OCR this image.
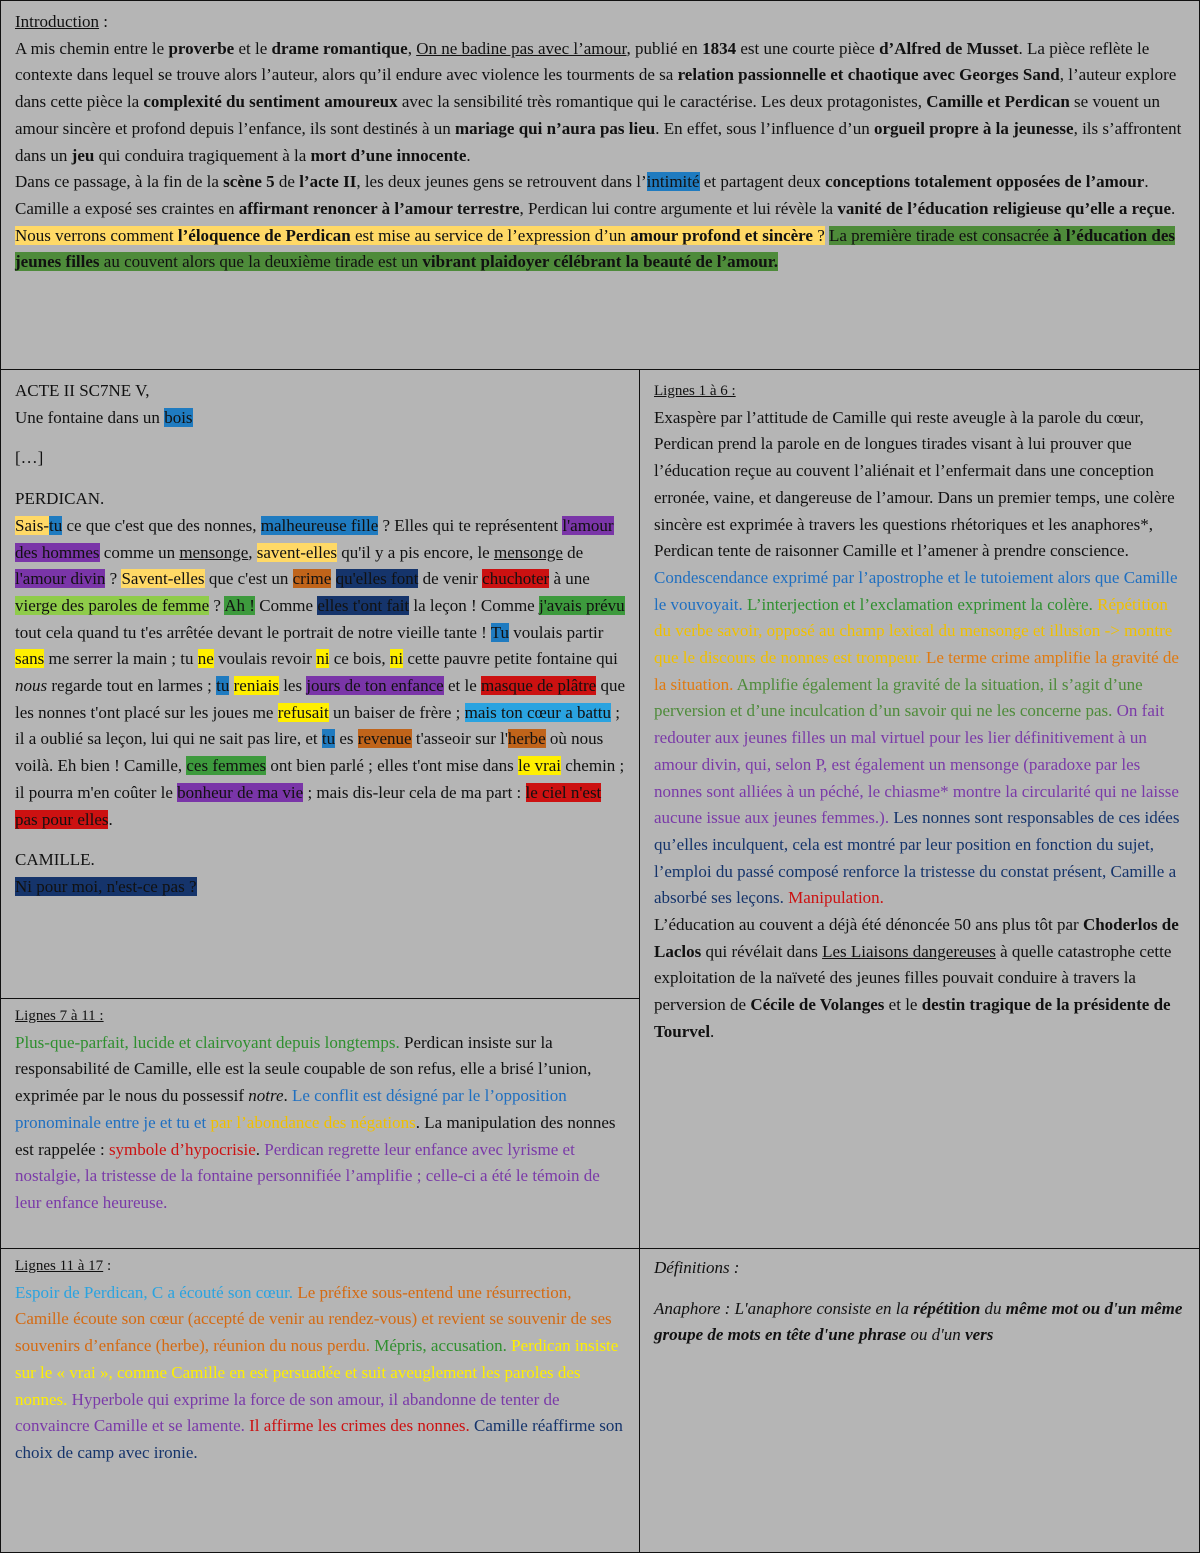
Introduction :
A mis chemin entre le proverbe et le drame romantique, On ne badine pas avec l’amour, publié en 1834 est une courte pièce d’Alfred de Musset. La pièce reflète le contexte dans lequel se trouve alors l’auteur, alors qu’il endure avec violence les tourments de sa relation passionnelle et chaotique avec Georges Sand, l’auteur explore dans cette pièce la complexité du sentiment amoureux avec la sensibilité très romantique qui le caractérise. Les deux protagonistes, Camille et Perdican se vouent un amour sincère et profond depuis l’enfance, ils sont destinés à un mariage qui n’aura pas lieu. En effet, sous l’influence d’un orgueil propre à la jeunesse, ils s’affrontent dans un jeu qui conduira tragiquement à la mort d’une innocente.
Dans ce passage, à la fin de la scène 5 de l’acte II, les deux jeunes gens se retrouvent dans l’intimité et partagent deux conceptions totalement opposées de l’amour. Camille a exposé ses craintes en affirmant renoncer à l’amour terrestre, Perdican lui contre argumente et lui révèle la vanité de l’éducation religieuse qu’elle a reçue.
Nous verrons comment l’éloquence de Perdican est mise au service de l’expression d’un amour profond et sincère ? La première tirade est consacrée à l’éducation des jeunes filles au couvent alors que la deuxième tirade est un vibrant plaidoyer célébrant la beauté de l’amour.
ACTE II SC7NE V,
Une fontaine dans un bois
[…]
PERDICAN.
Sais-tu ce que c'est que des nonnes, malheureuse fille ? Elles qui te représentent l'amour des hommes comme un mensonge, savent-elles qu'il y a pis encore, le mensonge de l'amour divin ? Savent-elles que c'est un crime qu'elles font de venir chuchoter à une vierge des paroles de femme ? Ah ! Comme elles t'ont fait la leçon ! Comme j'avais prévu tout cela quand tu t'es arrêtée devant le portrait de notre vieille tante ! Tu voulais partir sans me serrer la main ; tu ne voulais revoir ni ce bois, ni cette pauvre petite fontaine qui nous regarde tout en larmes ; tu reniais les jours de ton enfance et le masque de plâtre que les nonnes t'ont placé sur les joues me refusait un baiser de frère ; mais ton cœur a battu ; il a oublié sa leçon, lui qui ne sait pas lire, et tu es revenue t'asseoir sur l'herbe où nous voilà. Eh bien ! Camille, ces femmes ont bien parlé ; elles t'ont mise dans le vrai chemin ; il pourra m'en coûter le bonheur de ma vie ; mais dis-leur cela de ma part : le ciel n'est pas pour elles.
CAMILLE.
Ni pour moi, n'est-ce pas ?
Lignes 1 à 6 :
Exaspère par l’attitude de Camille qui reste aveugle à la parole du cœur, Perdican prend la parole en de longues tirades visant à lui prouver que l’éducation reçue au couvent l’aliénait et l’enfermait dans une conception erronée, vaine, et dangereuse de l’amour. Dans un premier temps, une colère sincère est exprimée à travers les questions rhétoriques et les anaphores*, Perdican tente de raisonner Camille et l’amener à prendre conscience.
Condescendance exprimé par l’apostrophe et le tutoiement alors que Camille le vouvoyait. L’interjection et l’exclamation expriment la colère. Répétition du verbe savoir, opposé au champ lexical du mensonge et illusion -> montre que le discours de nonnes est trompeur. Le terme crime amplifie la gravité de la situation. Amplifie également la gravité de la situation, il s’agit d’une perversion et d’une inculcation d’un savoir qui ne les concerne pas. On fait redouter aux jeunes filles un mal virtuel pour les lier définitivement à un amour divin, qui, selon P, est également un mensonge (paradoxe par les nonnes sont alliées à un péché, le chiasme* montre la circularité qui ne laisse aucune issue aux jeunes femmes.). Les nonnes sont responsables de ces idées qu’elles inculquent, cela est montré par leur position en fonction du sujet, l’emploi du passé composé renforce la tristesse du constat présent, Camille a absorbé ses leçons. Manipulation.
L’éducation au couvent a déjà été dénoncée 50 ans plus tôt par Choderlos de Laclos qui révélait dans Les Liaisons dangereuses à quelle catastrophe cette exploitation de la naïveté des jeunes filles pouvait conduire à travers la perversion de Cécile de Volanges et le destin tragique de la présidente de Tourvel.
Lignes 7 à 11 :
Plus-que-parfait, lucide et clairvoyant depuis longtemps. Perdican insiste sur la responsabilité de Camille, elle est la seule coupable de son refus, elle a brisé l’union, exprimée par le nous du possessif notre. Le conflit est désigné par le l’opposition pronominale entre je et tu et par l’abondance des négations. La manipulation des nonnes est rappelée : symbole d’hypocrisie. Perdican regrette leur enfance avec lyrisme et nostalgie, la tristesse de la fontaine personnifiée l’amplifie ; celle-ci a été le témoin de leur enfance heureuse.
Lignes 11 à 17 :
Espoir de Perdican, C a écouté son cœur. Le préfixe sous-entend une résurrection, Camille écoute son cœur (accepté de venir au rendez-vous) et revient se souvenir de ses souvenirs d’enfance (herbe), réunion du nous perdu. Mépris, accusation. Perdican insiste sur le « vrai », comme Camille en est persuadée et suit aveuglement les paroles des nonnes. Hyperbole qui exprime la force de son amour, il abandonne de tenter de convaincre Camille et se lamente. Il affirme les crimes des nonnes. Camille réaffirme son choix de camp avec ironie.
Définitions :
Anaphore : L'anaphore consiste en la répétition du même mot ou d'un même groupe de mots en tête d'une phrase ou d'un vers
